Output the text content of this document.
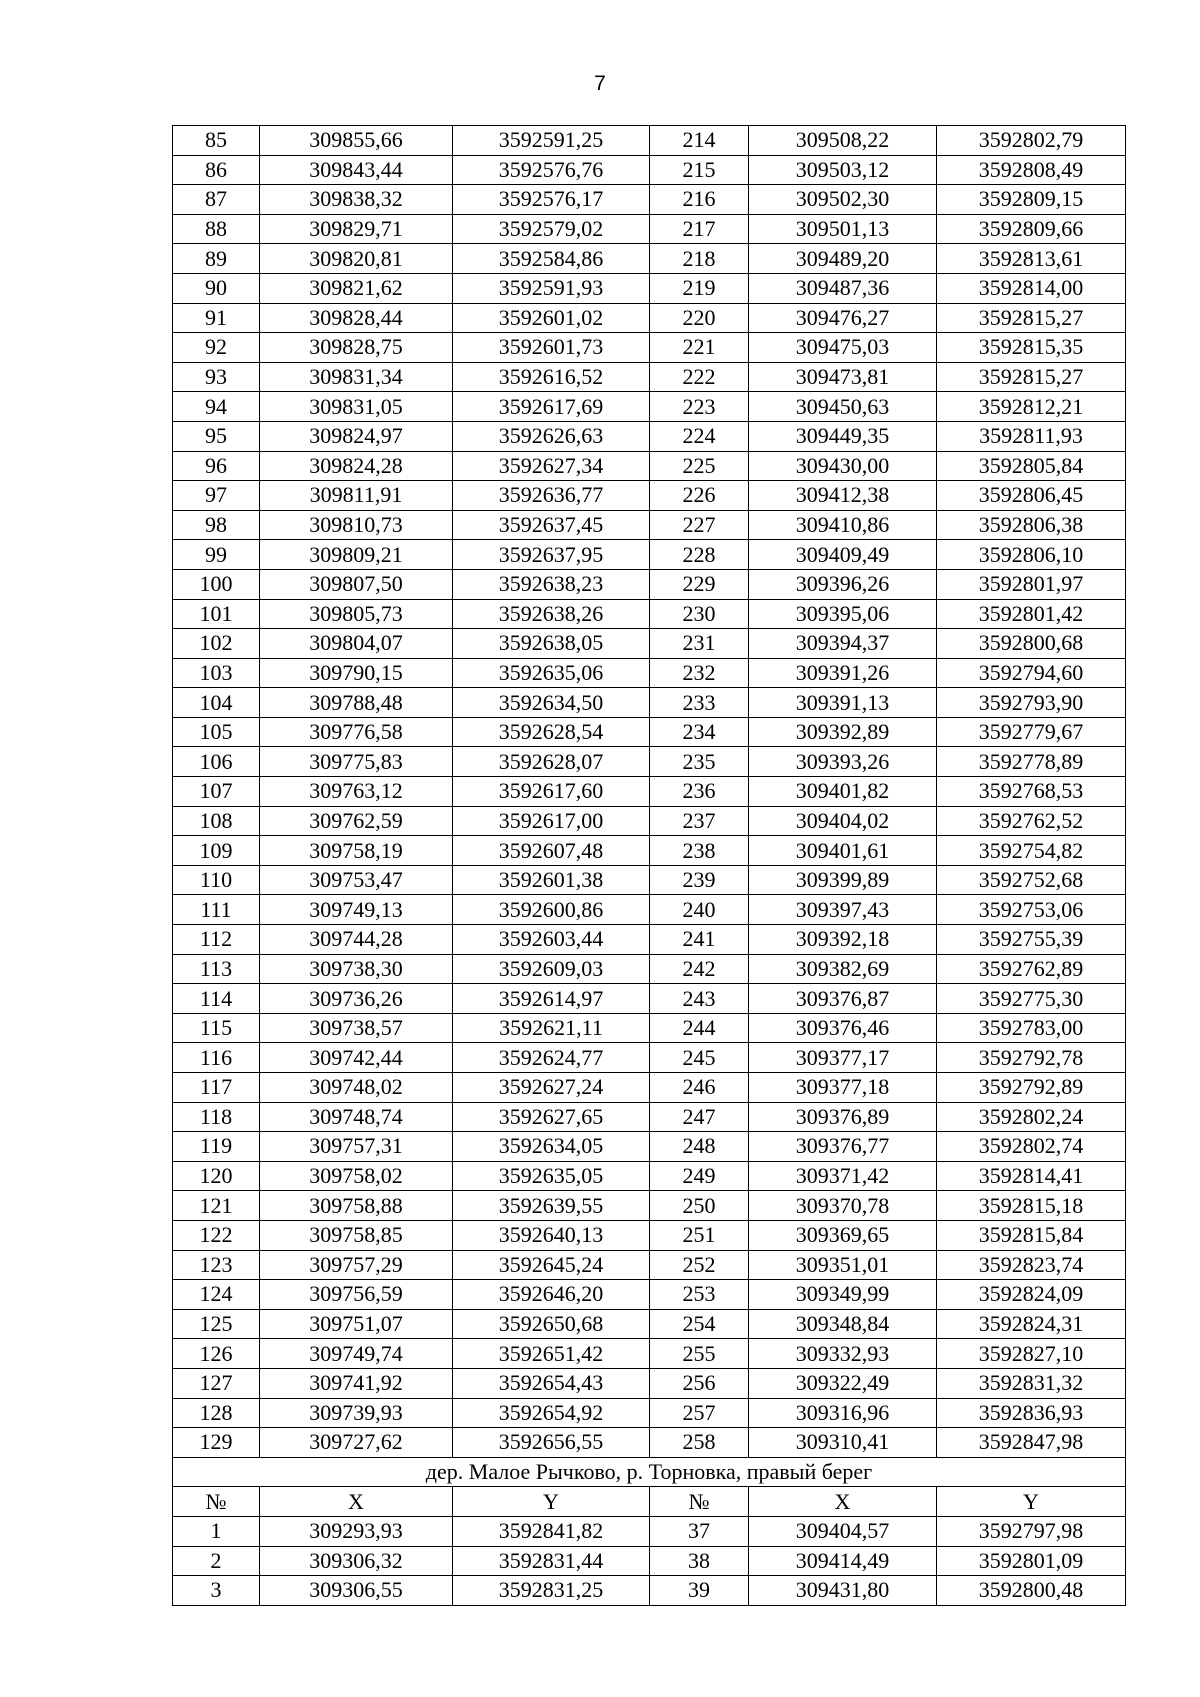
7
85	309855,66	3592591,25	214	309508,22	3592802,79
86	309843,44	3592576,76	215	309503,12	3592808,49
87	309838,32	3592576,17	216	309502,30	3592809,15
88	309829,71	3592579,02	217	309501,13	3592809,66
89	309820,81	3592584,86	218	309489,20	3592813,61
90	309821,62	3592591,93	219	309487,36	3592814,00
91	309828,44	3592601,02	220	309476,27	3592815,27
92	309828,75	3592601,73	221	309475,03	3592815,35
93	309831,34	3592616,52	222	309473,81	3592815,27
94	309831,05	3592617,69	223	309450,63	3592812,21
95	309824,97	3592626,63	224	309449,35	3592811,93
96	309824,28	3592627,34	225	309430,00	3592805,84
97	309811,91	3592636,77	226	309412,38	3592806,45
98	309810,73	3592637,45	227	309410,86	3592806,38
99	309809,21	3592637,95	228	309409,49	3592806,10
100	309807,50	3592638,23	229	309396,26	3592801,97
101	309805,73	3592638,26	230	309395,06	3592801,42
102	309804,07	3592638,05	231	309394,37	3592800,68
103	309790,15	3592635,06	232	309391,26	3592794,60
104	309788,48	3592634,50	233	309391,13	3592793,90
105	309776,58	3592628,54	234	309392,89	3592779,67
106	309775,83	3592628,07	235	309393,26	3592778,89
107	309763,12	3592617,60	236	309401,82	3592768,53
108	309762,59	3592617,00	237	309404,02	3592762,52
109	309758,19	3592607,48	238	309401,61	3592754,82
110	309753,47	3592601,38	239	309399,89	3592752,68
111	309749,13	3592600,86	240	309397,43	3592753,06
112	309744,28	3592603,44	241	309392,18	3592755,39
113	309738,30	3592609,03	242	309382,69	3592762,89
114	309736,26	3592614,97	243	309376,87	3592775,30
115	309738,57	3592621,11	244	309376,46	3592783,00
116	309742,44	3592624,77	245	309377,17	3592792,78
117	309748,02	3592627,24	246	309377,18	3592792,89
118	309748,74	3592627,65	247	309376,89	3592802,24
119	309757,31	3592634,05	248	309376,77	3592802,74
120	309758,02	3592635,05	249	309371,42	3592814,41
121	309758,88	3592639,55	250	309370,78	3592815,18
122	309758,85	3592640,13	251	309369,65	3592815,84
123	309757,29	3592645,24	252	309351,01	3592823,74
124	309756,59	3592646,20	253	309349,99	3592824,09
125	309751,07	3592650,68	254	309348,84	3592824,31
126	309749,74	3592651,42	255	309332,93	3592827,10
127	309741,92	3592654,43	256	309322,49	3592831,32
128	309739,93	3592654,92	257	309316,96	3592836,93
129	309727,62	3592656,55	258	309310,41	3592847,98
дер. Малое Рычково, р. Торновка, правый берег					
№	X	Y	№	X	Y
1	309293,93	3592841,82	37	309404,57	3592797,98
2	309306,32	3592831,44	38	309414,49	3592801,09
3	309306,55	3592831,25	39	309431,80	3592800,48
